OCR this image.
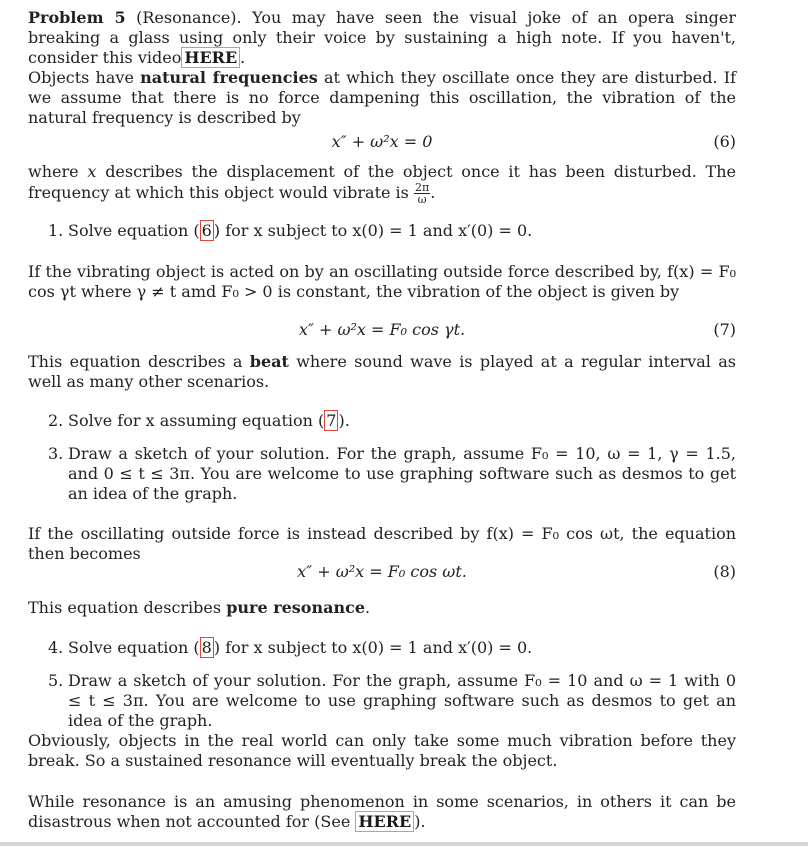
Problem 5 (Resonance). You may have seen the visual joke of an opera singer breaking a glass using only their voice by sustaining a high note. If you haven't, consider this video HERE .

Objects have natural frequencies at which they oscillate once they are disturbed. If we assume that there is no force dampening this oscillation, the vibration of the natural frequency is described by

x″ + ω²x = 0	(6)

where x describes the displacement of the object once it has been disturbed. The frequency at which this object would vibrate is $\frac{2\pi}{\omega}$ .

1. Solve equation ( 6 ) for x subject to x(0) = 1 and x′(0) = 0.

If the vibrating object is acted on by an oscillating outside force described by, f(x) = F₀ cos γt where γ ≠ t amd F₀ > 0 is constant, the vibration of the object is given by

x″ + ω²x = F₀ cos γt.	(7)

This equation describes a beat where sound wave is played at a regular interval as well as many other scenarios.

2. Solve for x assuming equation ( 7 ).

3. Draw a sketch of your solution. For the graph, assume F₀ = 10, ω = 1, γ = 1.5, and 0 ≤ t ≤ 3π. You are welcome to use graphing software such as desmos to get an idea of the graph.

If the oscillating outside force is instead described by f(x) = F₀ cos ωt, the equation then becomes

x″ + ω²x = F₀ cos ωt.	(8)

This equation describes pure resonance.

4. Solve equation ( 8 ) for x subject to x(0) = 1 and x′(0) = 0.

5. Draw a sketch of your solution. For the graph, assume F₀ = 10 and ω = 1 with 0 ≤ t ≤ 3π. You are welcome to use graphing software such as desmos to get an idea of the graph.

Obviously, objects in the real world can only take some much vibration before they break. So a sustained resonance will eventually break the object.

While resonance is an amusing phenomenon in some scenarios, in others it can be disastrous when not accounted for (See HERE ).
